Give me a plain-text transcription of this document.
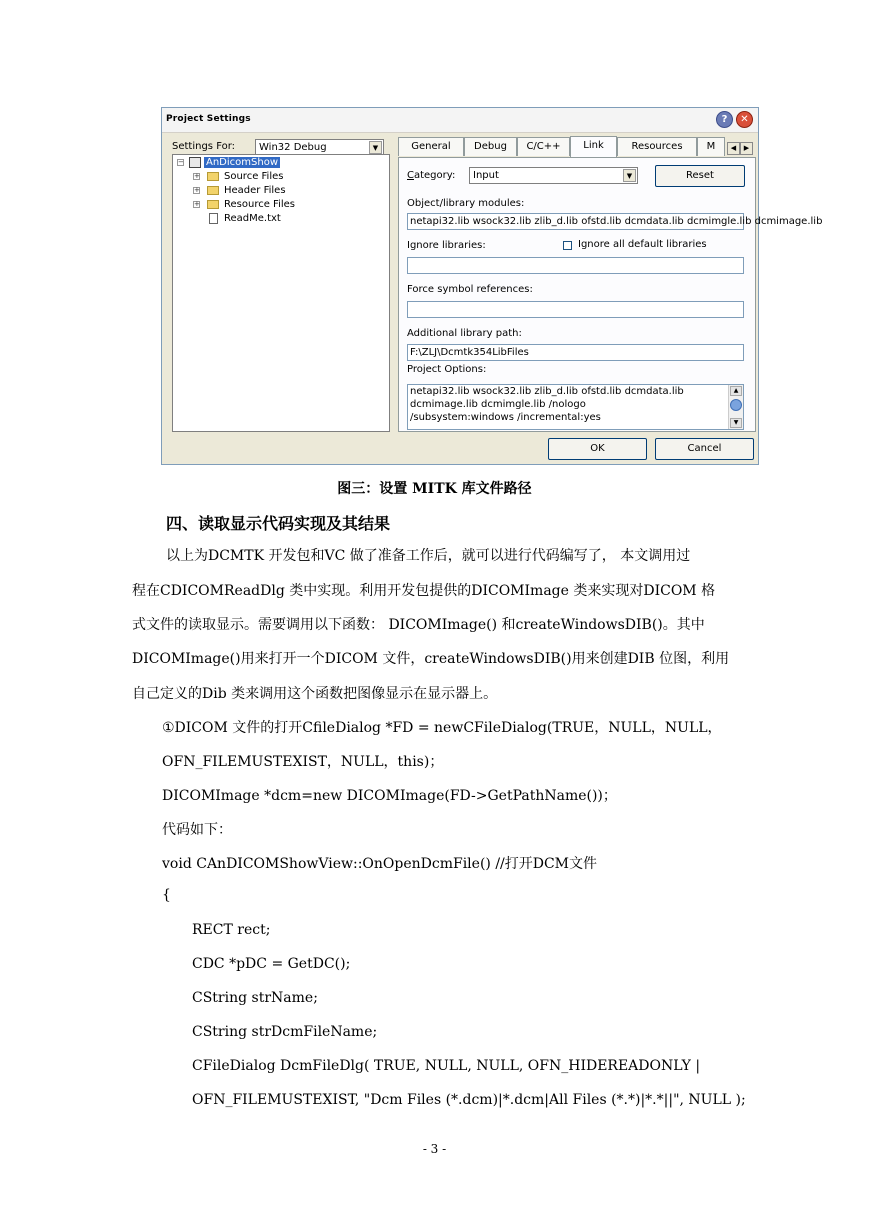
Project Settings	?	✕
Settings For: Win32 Debug	▼
− AnDicomShow
+ Source Files
+ Header Files
+ Resource Files
ReadMe.txt
General	Debug	C/C++	Link	Resources	M	◀	▶
Category: Input	▼	Reset
Object/library modules:
netapi32.lib wsock32.lib zlib_d.lib ofstd.lib dcmdata.lib dcmimgle.lib dcmimage.lib
Ignore libraries:	Ignore all default libraries
Force symbol references:
Additional library path:
F:\ZLJ\Dcmtk354LibFiles
Project Options:
netapi32.lib wsock32.lib zlib_d.lib ofstd.lib dcmdata.lib
dcmimage.lib dcmimgle.lib /nologo
/subsystem:windows /incremental:yes
▲
▼
OK	Cancel
图三：设置 MITK 库文件路径
四、读取显示代码实现及其结果
以上为DCMTK 开发包和VC 做了准备工作后，就可以进行代码编写了， 本文调用过
程在CDICOMReadDlg 类中实现。利用开发包提供的DICOMImage 类来实现对DICOM 格
式文件的读取显示。需要调用以下函数： DICOMImage() 和createWindowsDIB()。其中
DICOMImage()用来打开一个DICOM 文件，createWindowsDIB()用来创建DIB 位图，利用
自己定义的Dib 类来调用这个函数把图像显示在显示器上。
①DICOM 文件的打开CfileDialog *FD = newCFileDialog(TRUE，NULL，NULL，
OFN_FILEMUSTEXIST，NULL，this)；
DICOMImage *dcm=new DICOMImage(FD->GetPathName())；
代码如下：
void CAnDICOMShowView::OnOpenDcmFile() //打开DCM文件
{
RECT rect;
CDC *pDC = GetDC();
CString strName;
CString strDcmFileName;
CFileDialog DcmFileDlg( TRUE, NULL, NULL, OFN_HIDEREADONLY |
OFN_FILEMUSTEXIST, "Dcm Files (*.dcm)|*.dcm|All Files (*.*)|*.*||", NULL );
- 3 -
